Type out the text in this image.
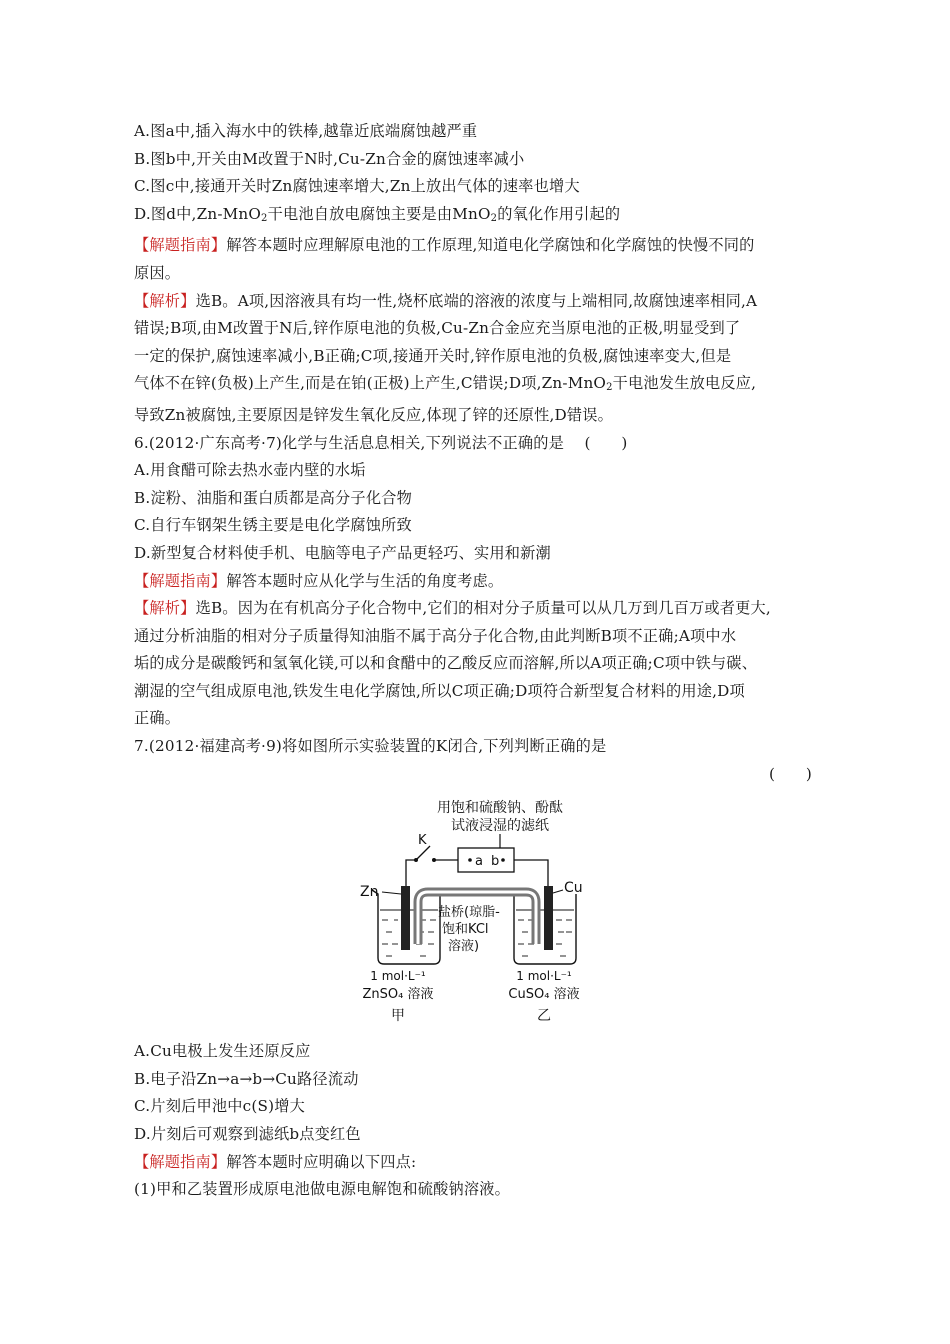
A.图a中,插入海水中的铁棒,越靠近底端腐蚀越严重
B.图b中,开关由M改置于N时,Cu-Zn合金的腐蚀速率减小
C.图c中,接通开关时Zn腐蚀速率增大,Zn上放出气体的速率也增大
D.图d中,Zn-MnO$_2$干电池自放电腐蚀主要是由MnO$_2$的氧化作用引起的
【解题指南】解答本题时应理解原电池的工作原理,知道电化学腐蚀和化学腐蚀的快慢不同的
原因。
【解析】选B。A项,因溶液具有均一性,烧杯底端的溶液的浓度与上端相同,故腐蚀速率相同,A
错误;B项,由M改置于N后,锌作原电池的负极,Cu-Zn合金应充当原电池的正极,明显受到了
一定的保护,腐蚀速率减小,B正确;C项,接通开关时,锌作原电池的负极,腐蚀速率变大,但是
气体不在锌(负极)上产生,而是在铂(正极)上产生,C错误;D项,Zn-MnO$_2$干电池发生放电反应,
导致Zn被腐蚀,主要原因是锌发生氧化反应,体现了锌的还原性,D错误。
6.(2012·广东高考·7)化学与生活息息相关,下列说法不正确的是 　(　　)
A.用食醋可除去热水壶内壁的水垢
B.淀粉、油脂和蛋白质都是高分子化合物
C.自行车钢架生锈主要是电化学腐蚀所致
D.新型复合材料使手机、电脑等电子产品更轻巧、实用和新潮
【解题指南】解答本题时应从化学与生活的角度考虑。
【解析】选B。因为在有机高分子化合物中,它们的相对分子质量可以从几万到几百万或者更大,
通过分析油脂的相对分子质量得知油脂不属于高分子化合物,由此判断B项不正确;A项中水
垢的成分是碳酸钙和氢氧化镁,可以和食醋中的乙酸反应而溶解,所以A项正确;C项中铁与碳、
潮湿的空气组成原电池,铁发生电化学腐蚀,所以C项正确;D项符合新型复合材料的用途,D项
正确。
7.(2012·福建高考·9)将如图所示实验装置的K闭合,下列判断正确的是
(　　)
用饱和硫酸钠、酚酞
试液浸湿的滤纸
a b
K
Zn	Cu
盐桥(琼脂-
饱和KCl
溶液)
1 mol·L⁻¹
ZnSO₄ 溶液
甲
1 mol·L⁻¹
CuSO₄ 溶液
乙
A.Cu电极上发生还原反应
B.电子沿Zn→a→b→Cu路径流动
C.片刻后甲池中c(S)增大
D.片刻后可观察到滤纸b点变红色
【解题指南】解答本题时应明确以下四点:
(1)甲和乙装置形成原电池做电源电解饱和硫酸钠溶液。
